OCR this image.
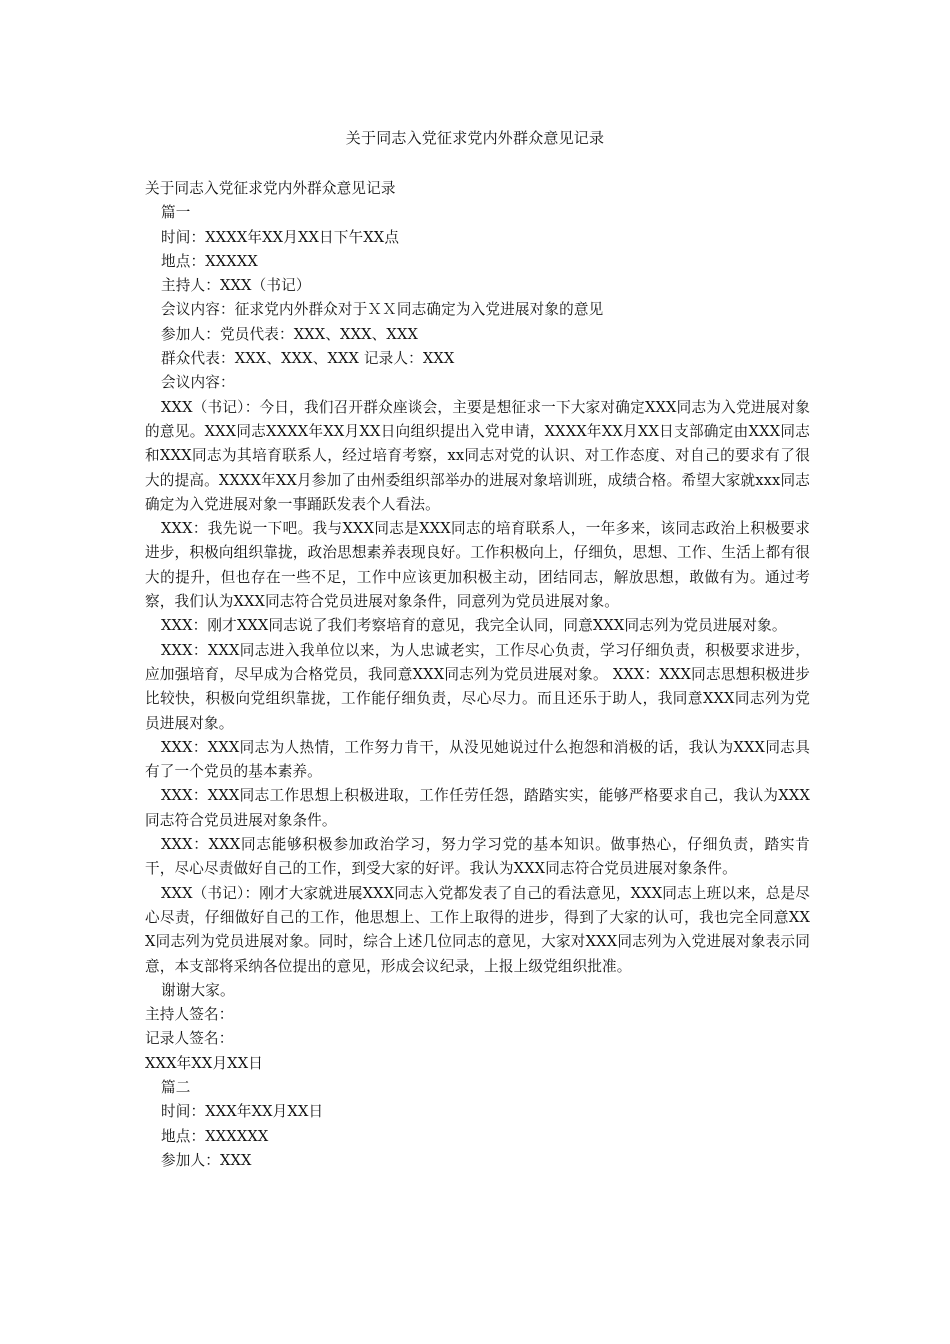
关于同志入党征求党内外群众意见记录

关于同志入党征求党内外群众意见记录

篇一

时间：XXXX年XX月XX日下午XX点

地点：XXXXX

主持人：XXX（书记）

会议内容：征求党内外群众对于ＸＸ同志确定为入党进展对象的意见

参加人：党员代表：XXX、XXX、XXX

群众代表：XXX、XXX、XXX 记录人：XXX

会议内容：

XXX（书记）：今日，我们召开群众座谈会，主要是想征求一下大家对确定XXX同志为入党进展对象的意见。XXX同志XXXX年XX月XX日向组织提出入党申请，XXXX年XX月XX日支部确定由XXX同志和XXX同志为其培育联系人，经过培育考察，xx同志对党的认识、对工作态度、对自己的要求有了很大的提高。XXXX年XX月参加了由州委组织部举办的进展对象培训班，成绩合格。希望大家就xxx同志确定为入党进展对象一事踊跃发表个人看法。

XXX：我先说一下吧。我与XXX同志是XXX同志的培育联系人，一年多来，该同志政治上积极要求进步，积极向组织靠拢，政治思想素养表现良好。工作积极向上，仔细负，思想、工作、生活上都有很大的提升，但也存在一些不足，工作中应该更加积极主动，团结同志，解放思想，敢做有为。通过考察，我们认为XXX同志符合党员进展对象条件，同意列为党员进展对象。

XXX：刚才XXX同志说了我们考察培育的意见，我完全认同，同意XXX同志列为党员进展对象。

XXX：XXX同志进入我单位以来，为人忠诚老实，工作尽心负责，学习仔细负责，积极要求进步，应加强培育，尽早成为合格党员，我同意XXX同志列为党员进展对象。 XXX：XXX同志思想积极进步比较快，积极向党组织靠拢，工作能仔细负责，尽心尽力。而且还乐于助人，我同意XXX同志列为党员进展对象。

XXX：XXX同志为人热情，工作努力肯干，从没见她说过什么抱怨和消极的话，我认为XXX同志具有了一个党员的基本素养。

XXX：XXX同志工作思想上积极进取，工作任劳任怨，踏踏实实，能够严格要求自己，我认为XXX同志符合党员进展对象条件。

XXX：XXX同志能够积极参加政治学习，努力学习党的基本知识。做事热心，仔细负责，踏实肯干，尽心尽责做好自己的工作，到受大家的好评。我认为XXX同志符合党员进展对象条件。

XXX（书记）：刚才大家就进展XXX同志入党都发表了自己的看法意见，XXX同志上班以来，总是尽心尽责，仔细做好自己的工作，他思想上、工作上取得的进步，得到了大家的认可，我也完全同意XXX同志列为党员进展对象。同时，综合上述几位同志的意见，大家对XXX同志列为入党进展对象表示同意，本支部将采纳各位提出的意见，形成会议纪录，上报上级党组织批准。

谢谢大家。

主持人签名：

记录人签名：

XXX年XX月XX日

篇二

时间：XXX年XX月XX日

地点：XXXXXX

参加人：XXX
